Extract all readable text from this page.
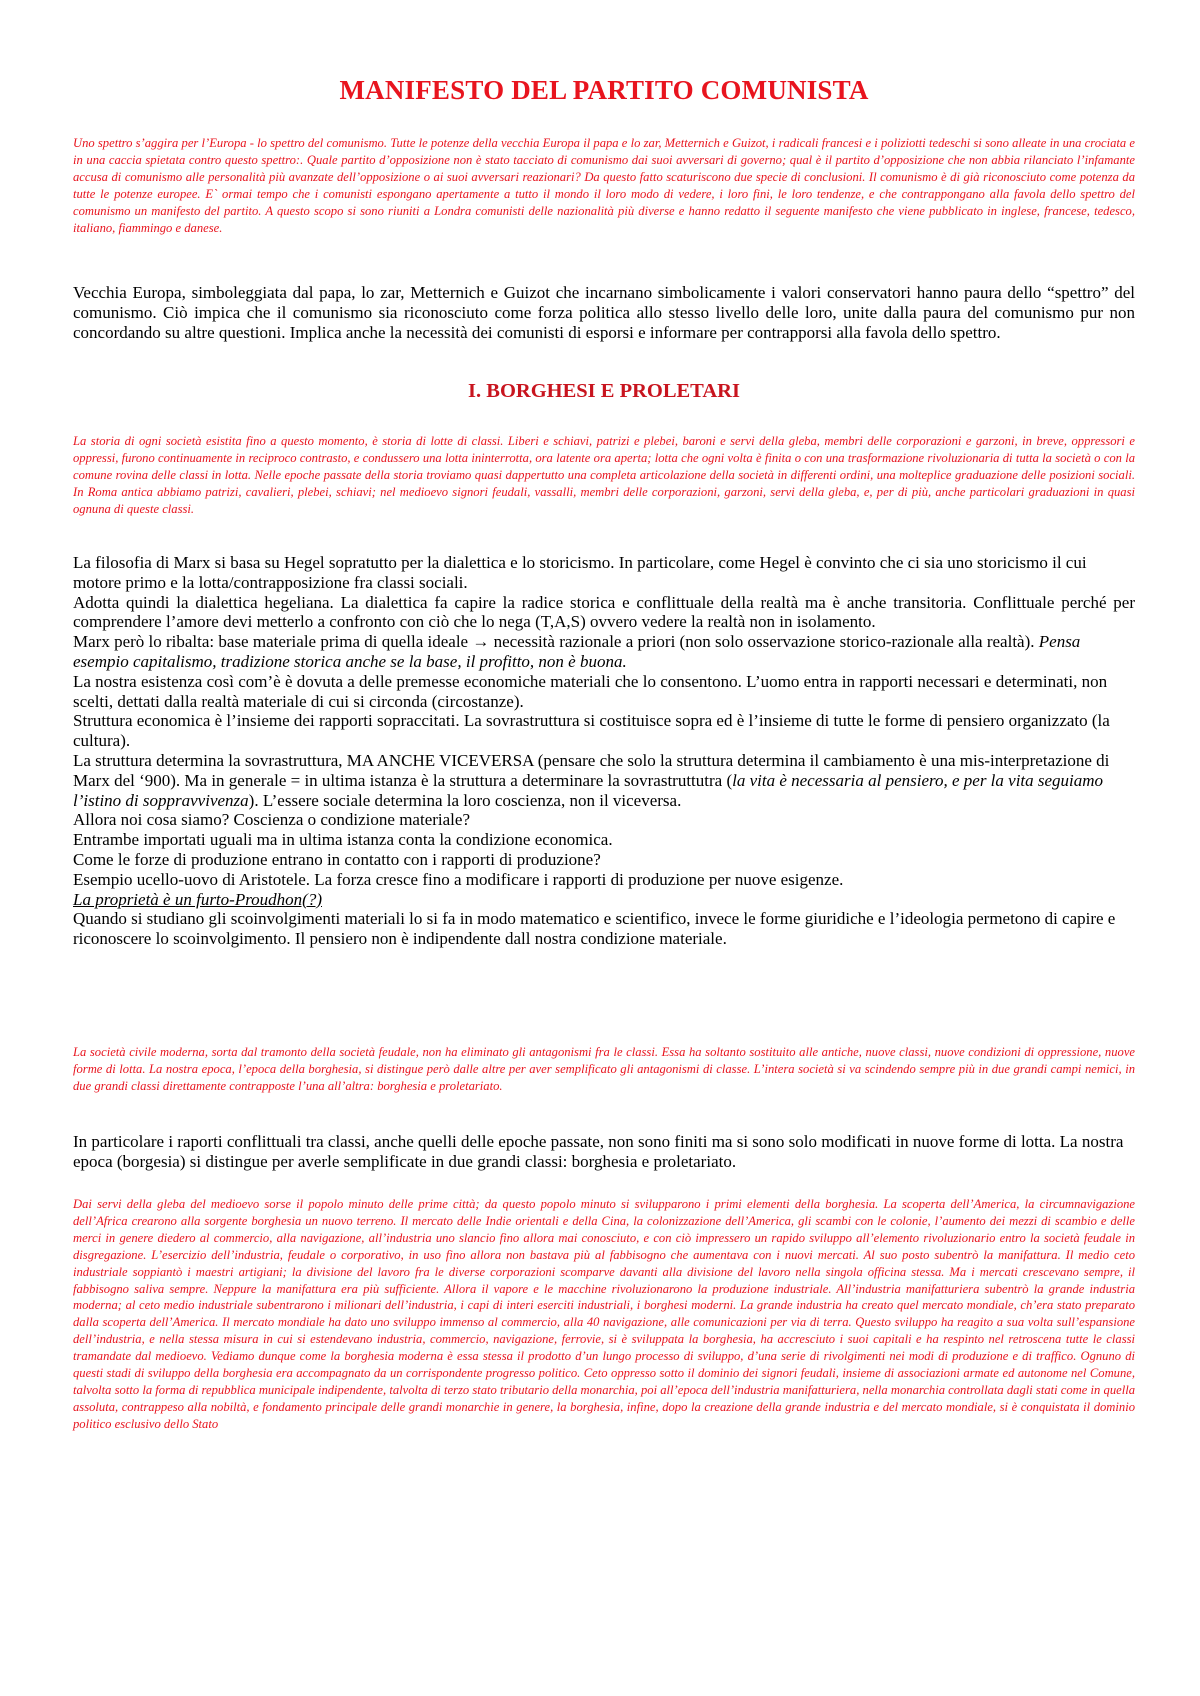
MANIFESTO DEL PARTITO COMUNISTA

Uno spettro s’aggira per l’Europa - lo spettro del comunismo. Tutte le potenze della vecchia Europa il papa e lo zar, Metternich e Guizot, i radicali francesi e i poliziotti tedeschi si sono alleate in una crociata e in una caccia spietata contro questo spettro:. Quale partito d’opposizione non è stato tacciato di comunismo dai suoi avversari di governo; qual è il partito d’opposizione che non abbia rilanciato l’infamante accusa di comunismo alle personalità più avanzate dell’opposizione o ai suoi avversari reazionari? Da questo fatto scaturiscono due specie di conclusioni. Il comunismo è di già riconosciuto come potenza da tutte le potenze europee. E` ormai tempo che i comunisti espongano apertamente a tutto il mondo il loro modo di vedere, i loro fini, le loro tendenze, e che contrappongano alla favola dello spettro del comunismo un manifesto del partito. A questo scopo si sono riuniti a Londra comunisti delle nazionalità più diverse e hanno redatto il seguente manifesto che viene pubblicato in inglese, francese, tedesco, italiano, fiammingo e danese.

Vecchia Europa, simboleggiata dal papa, lo zar, Metternich e Guizot che incarnano simbolicamente i valori conservatori hanno paura dello “spettro” del comunismo. Ciò impica che il comunismo sia riconosciuto come forza politica allo stesso livello delle loro, unite dalla paura del comunismo pur non concordando su altre questioni. Implica anche la necessità dei comunisti di esporsi e informare per contrapporsi alla favola dello spettro.

I. BORGHESI E PROLETARI

La storia di ogni società esistita fino a questo momento, è storia di lotte di classi. Liberi e schiavi, patrizi e plebei, baroni e servi della gleba, membri delle corporazioni e garzoni, in breve, oppressori e oppressi, furono continuamente in reciproco contrasto, e condussero una lotta ininterrotta, ora latente ora aperta; lotta che ogni volta è finita o con una trasformazione rivoluzionaria di tutta la società o con la comune rovina delle classi in lotta. Nelle epoche passate della storia troviamo quasi dappertutto una completa articolazione della società in differenti ordini, una molteplice graduazione delle posizioni sociali. In Roma antica abbiamo patrizi, cavalieri, plebei, schiavi; nel medioevo signori feudali, vassalli, membri delle corporazioni, garzoni, servi della gleba, e, per di più, anche particolari graduazioni in quasi ognuna di queste classi.

La filosofia di Marx si basa su Hegel sopratutto per la dialettica e lo storicismo. In particolare, come Hegel è convinto che ci sia uno storicismo il cui motore primo e la lotta/contrapposizione fra classi sociali.

Adotta quindi la dialettica hegeliana. La dialettica fa capire la radice storica e conflittuale della realtà ma è anche transitoria. Conflittuale perché per comprendere l’amore devi metterlo a confronto con ciò che lo nega (T,A,S) ovvero vedere la realtà non in isolamento.

Marx però lo ribalta: base materiale prima di quella ideale → necessità razionale a priori (non solo osservazione storico-razionale alla realtà). Pensa esempio capitalismo, tradizione storica anche se la base, il profitto, non è buona.

La nostra esistenza così com’è è dovuta a delle premesse economiche materiali che lo consentono. L’uomo entra in rapporti necessari e determinati, non scelti, dettati dalla realtà materiale di cui si circonda (circostanze).

Struttura economica è l’insieme dei rapporti sopraccitati. La sovrastruttura si costituisce sopra ed è l’insieme di tutte le forme di pensiero organizzato (la cultura).

La struttura determina la sovrastruttura, MA ANCHE VICEVERSA (pensare che solo la struttura determina il cambiamento è una mis-interpretazione di Marx del ‘900). Ma in generale = in ultima istanza è la struttura a determinare la sovrastruttutra (la vita è necessaria al pensiero, e per la vita seguiamo l’istino di soppravvivenza). L’essere sociale determina la loro coscienza, non il viceversa.

Allora noi cosa siamo? Coscienza o condizione materiale?

Entrambe importati uguali ma in ultima istanza conta la condizione economica.

Come le forze di produzione entrano in contatto con i rapporti di produzione?

Esempio ucello-uovo di Aristotele. La forza cresce fino a modificare i rapporti di produzione per nuove esigenze.

La proprietà è un furto-Proudhon(?)

Quando si studiano gli scoinvolgimenti materiali lo si fa in modo matematico e scientifico, invece le forme giuridiche e l’ideologia permetono di capire e riconoscere lo scoinvolgimento. Il pensiero non è indipendente dall nostra condizione materiale.

La società civile moderna, sorta dal tramonto della società feudale, non ha eliminato gli antagonismi fra le classi. Essa ha soltanto sostituito alle antiche, nuove classi, nuove condizioni di oppressione, nuove forme di lotta. La nostra epoca, l’epoca della borghesia, si distingue però dalle altre per aver semplificato gli antagonismi di classe. L’intera società si va scindendo sempre più in due grandi campi nemici, in due grandi classi direttamente contrapposte l’una all’altra: borghesia e proletariato.

In particolare i raporti conflittuali tra classi, anche quelli delle epoche passate, non sono finiti ma si sono solo modificati in nuove forme di lotta. La nostra epoca (borgesia) si distingue per averle semplificate in due grandi classi: borghesia e proletariato.

Dai servi della gleba del medioevo sorse il popolo minuto delle prime città; da questo popolo minuto si svilupparono i primi elementi della borghesia. La scoperta dell’America, la circumnavigazione dell’Africa crearono alla sorgente borghesia un nuovo terreno. Il mercato delle Indie orientali e della Cina, la colonizzazione dell’America, gli scambi con le colonie, l’aumento dei mezzi di scambio e delle merci in genere diedero al commercio, alla navigazione, all’industria uno slancio fino allora mai conosciuto, e con ciò impressero un rapido sviluppo all’elemento rivoluzionario entro la società feudale in disgregazione. L’esercizio dell’industria, feudale o corporativo, in uso fino allora non bastava più al fabbisogno che aumentava con i nuovi mercati. Al suo posto subentrò la manifattura. Il medio ceto industriale soppiantò i maestri artigiani; la divisione del lavoro fra le diverse corporazioni scomparve davanti alla divisione del lavoro nella singola officina stessa. Ma i mercati crescevano sempre, il fabbisogno saliva sempre. Neppure la manifattura era più sufficiente. Allora il vapore e le macchine rivoluzionarono la produzione industriale. All’industria manifatturiera subentrò la grande industria moderna; al ceto medio industriale subentrarono i milionari dell’industria, i capi di interi eserciti industriali, i borghesi moderni. La grande industria ha creato quel mercato mondiale, ch’era stato preparato dalla scoperta dell’America. Il mercato mondiale ha dato uno sviluppo immenso al commercio, alla 40 navigazione, alle comunicazioni per via di terra. Questo sviluppo ha reagito a sua volta sull’espansione dell’industria, e nella stessa misura in cui si estendevano industria, commercio, navigazione, ferrovie, si è sviluppata la borghesia, ha accresciuto i suoi capitali e ha respinto nel retroscena tutte le classi tramandate dal medioevo. Vediamo dunque come la borghesia moderna è essa stessa il prodotto d’un lungo processo di sviluppo, d’una serie di rivolgimenti nei modi di produzione e di traffico. Ognuno di questi stadi di sviluppo della borghesia era accompagnato da un corrispondente progresso politico. Ceto oppresso sotto il dominio dei signori feudali, insieme di associazioni armate ed autonome nel Comune, talvolta sotto la forma di repubblica municipale indipendente, talvolta di terzo stato tributario della monarchia, poi all’epoca dell’industria manifatturiera, nella monarchia controllata dagli stati come in quella assoluta, contrappeso alla nobiltà, e fondamento principale delle grandi monarchie in genere, la borghesia, infine, dopo la creazione della grande industria e del mercato mondiale, si è conquistata il dominio politico esclusivo dello Stato
